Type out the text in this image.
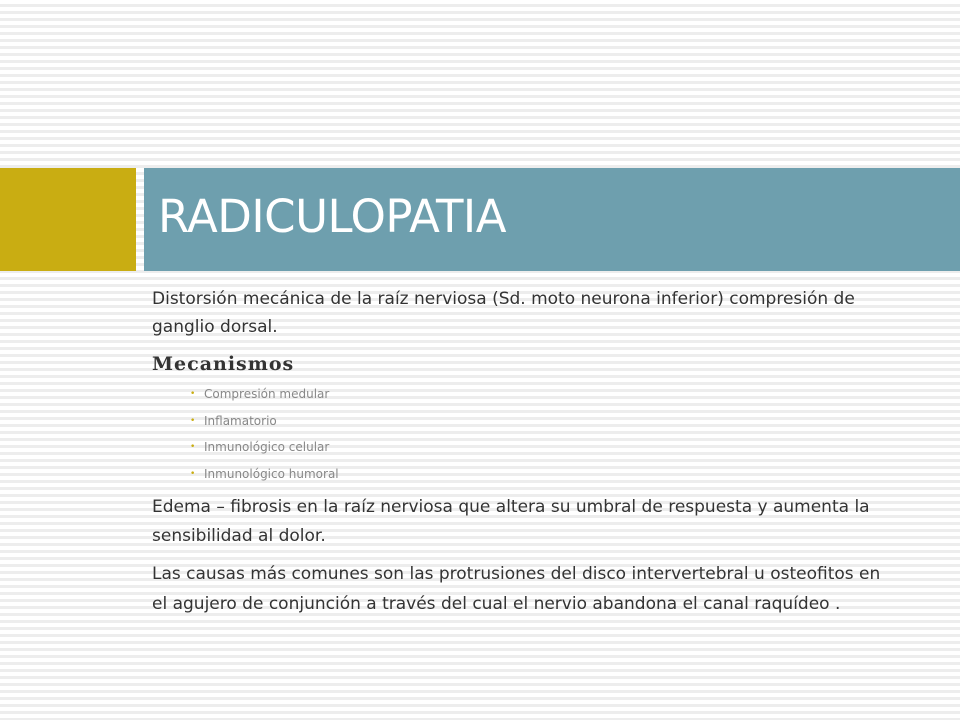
RADICULOPATIA

Distorsión mecánica de la raíz nerviosa (Sd. moto neurona inferior) compresión de ganglio dorsal.

Mecanismos
• Compresión medular
• Inflamatorio
• Inmunológico celular
• Inmunológico humoral

Edema – fibrosis en la raíz nerviosa que altera su umbral de respuesta y aumenta la sensibilidad al dolor.

Las causas más comunes son las protrusiones del disco intervertebral u osteofitos en el agujero de conjunción a través del cual el nervio abandona el canal raquídeo .
